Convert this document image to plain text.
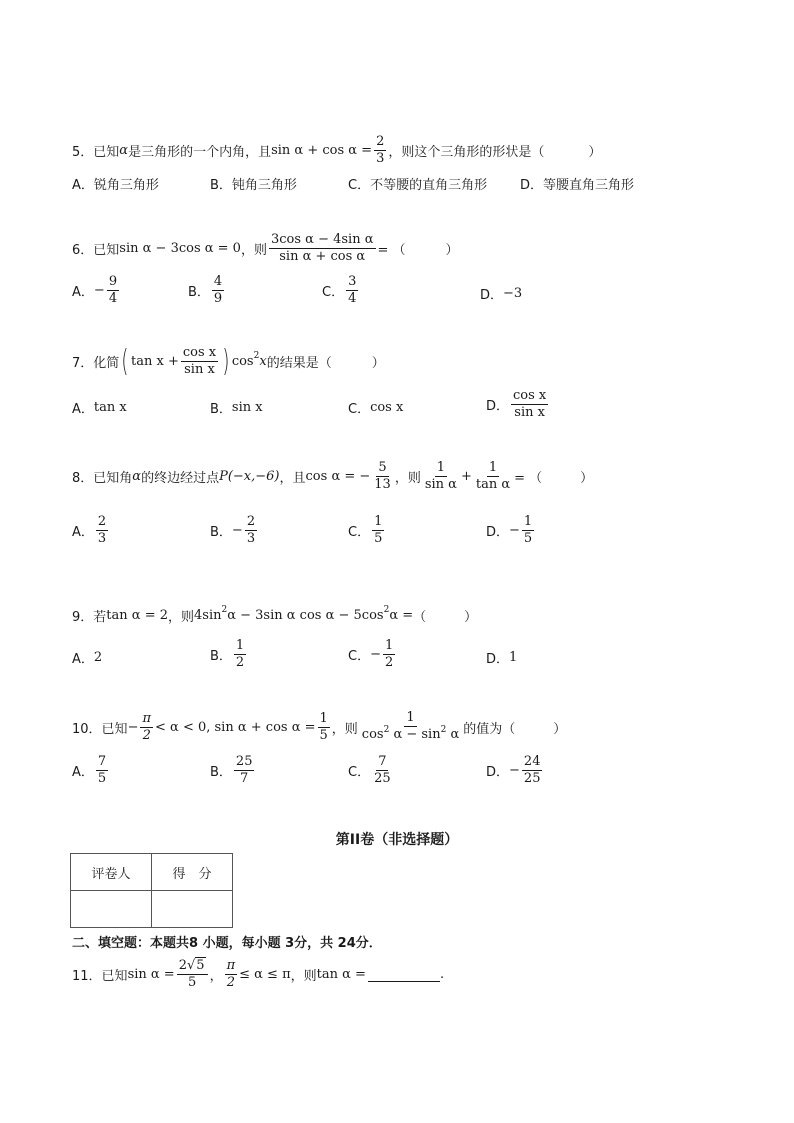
5． 已知 α 是三角形的一个内角，且 $\sin \alpha + \cos \alpha = \frac{2}{3}$ ，则这个三角形的形状是（	）
A．锐角三角形	B．钝角三角形	C．不等腰的直角三角形	D．等腰直角三角形
6． 已知 sin α − 3cos α = 0 ，则 $\frac{\text{3cos α − 4sin α}}{\text{sin α + cos α}}$ = （	）
A． − $\frac{9}{4}$	B． $\frac{4}{9}$	C． $\frac{3}{4}$	D． −3
7． 化简 ( $\tan x + \frac{\text{cos x}}{\text{sin x}}$ ) cos 2 x 的结果是（	）
A． tan x	B． sin x	C． cos x	D． $\frac{\text{cos x}}{\text{sin x}}$
8． 已知角 α 的终边经过点 P(−x,−6) ，且 cos α = − $\frac{5}{13}$ ，则 $\frac{1}{\text{sin α}} + \frac{1}{\text{tan α}}$ = （	）
A． $\frac{2}{3}$	B． − $\frac{2}{3}$	C． $\frac{1}{5}$	D． − $\frac{1}{5}$
9． 若 tan α = 2 ，则 4sin 2 α − 3sin α cos α − 5cos 2 α = （	）
A． 2	B． $\frac{1}{2}$	C． − $\frac{1}{2}$	D． 1
10． 已知 − $\frac{\pi}{2} < \alpha < 0$, $\sin \alpha + \cos \alpha = \frac{1}{5}$ ，则 $\frac{1}{\cos^2 \alpha - \sin^2 \alpha}$ 的值为（	）
A． $\frac{7}{5}$	B． $\frac{25}{7}$	C． $\frac{7}{25}$	D． − $\frac{24}{25}$
第II卷（非选择题）
评卷人	得　分

二、填空题：本题共8 小题，每小题 3分，共 24分．
11． 已知 $\sin \alpha = \frac{2√5}{5}$ ， $\frac{\pi}{2} \le \alpha \le \pi$ ，则 tan α =	.
